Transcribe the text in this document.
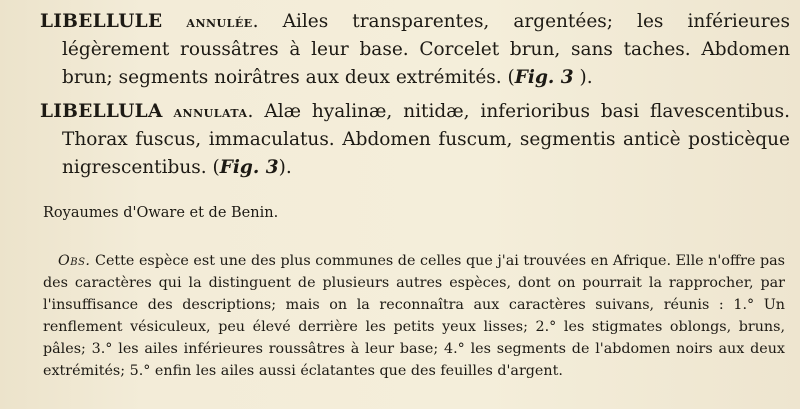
LIBELLULE annulée. Ailes transparentes, argentées; les inférieures légèrement roussâtres à leur base. Corcelet brun, sans taches. Abdomen brun; segments noirâtres aux deux extrémités. (Fig. 3 ).

LIBELLULA annulata. Alæ hyalinæ, nitidæ, inferioribus basi flavescentibus. Thorax fuscus, immaculatus. Abdomen fuscum, segmentis anticè posticèque nigrescentibus. (Fig. 3).

Royaumes d'Oware et de Benin.

Obs. Cette espèce est une des plus communes de celles que j'ai trouvées en Afrique. Elle n'offre pas des caractères qui la distinguent de plusieurs autres espèces, dont on pourrait la rapprocher, par l'insuffisance des descriptions; mais on la reconnaîtra aux caractères suivans, réunis : 1.° Un renflement vésiculeux, peu élevé derrière les petits yeux lisses; 2.° les stigmates oblongs, bruns, pâles; 3.° les ailes inférieures roussâtres à leur base; 4.° les segments de l'abdomen noirs aux deux extrémités; 5.° enfin les ailes aussi éclatantes que des feuilles d'argent.
